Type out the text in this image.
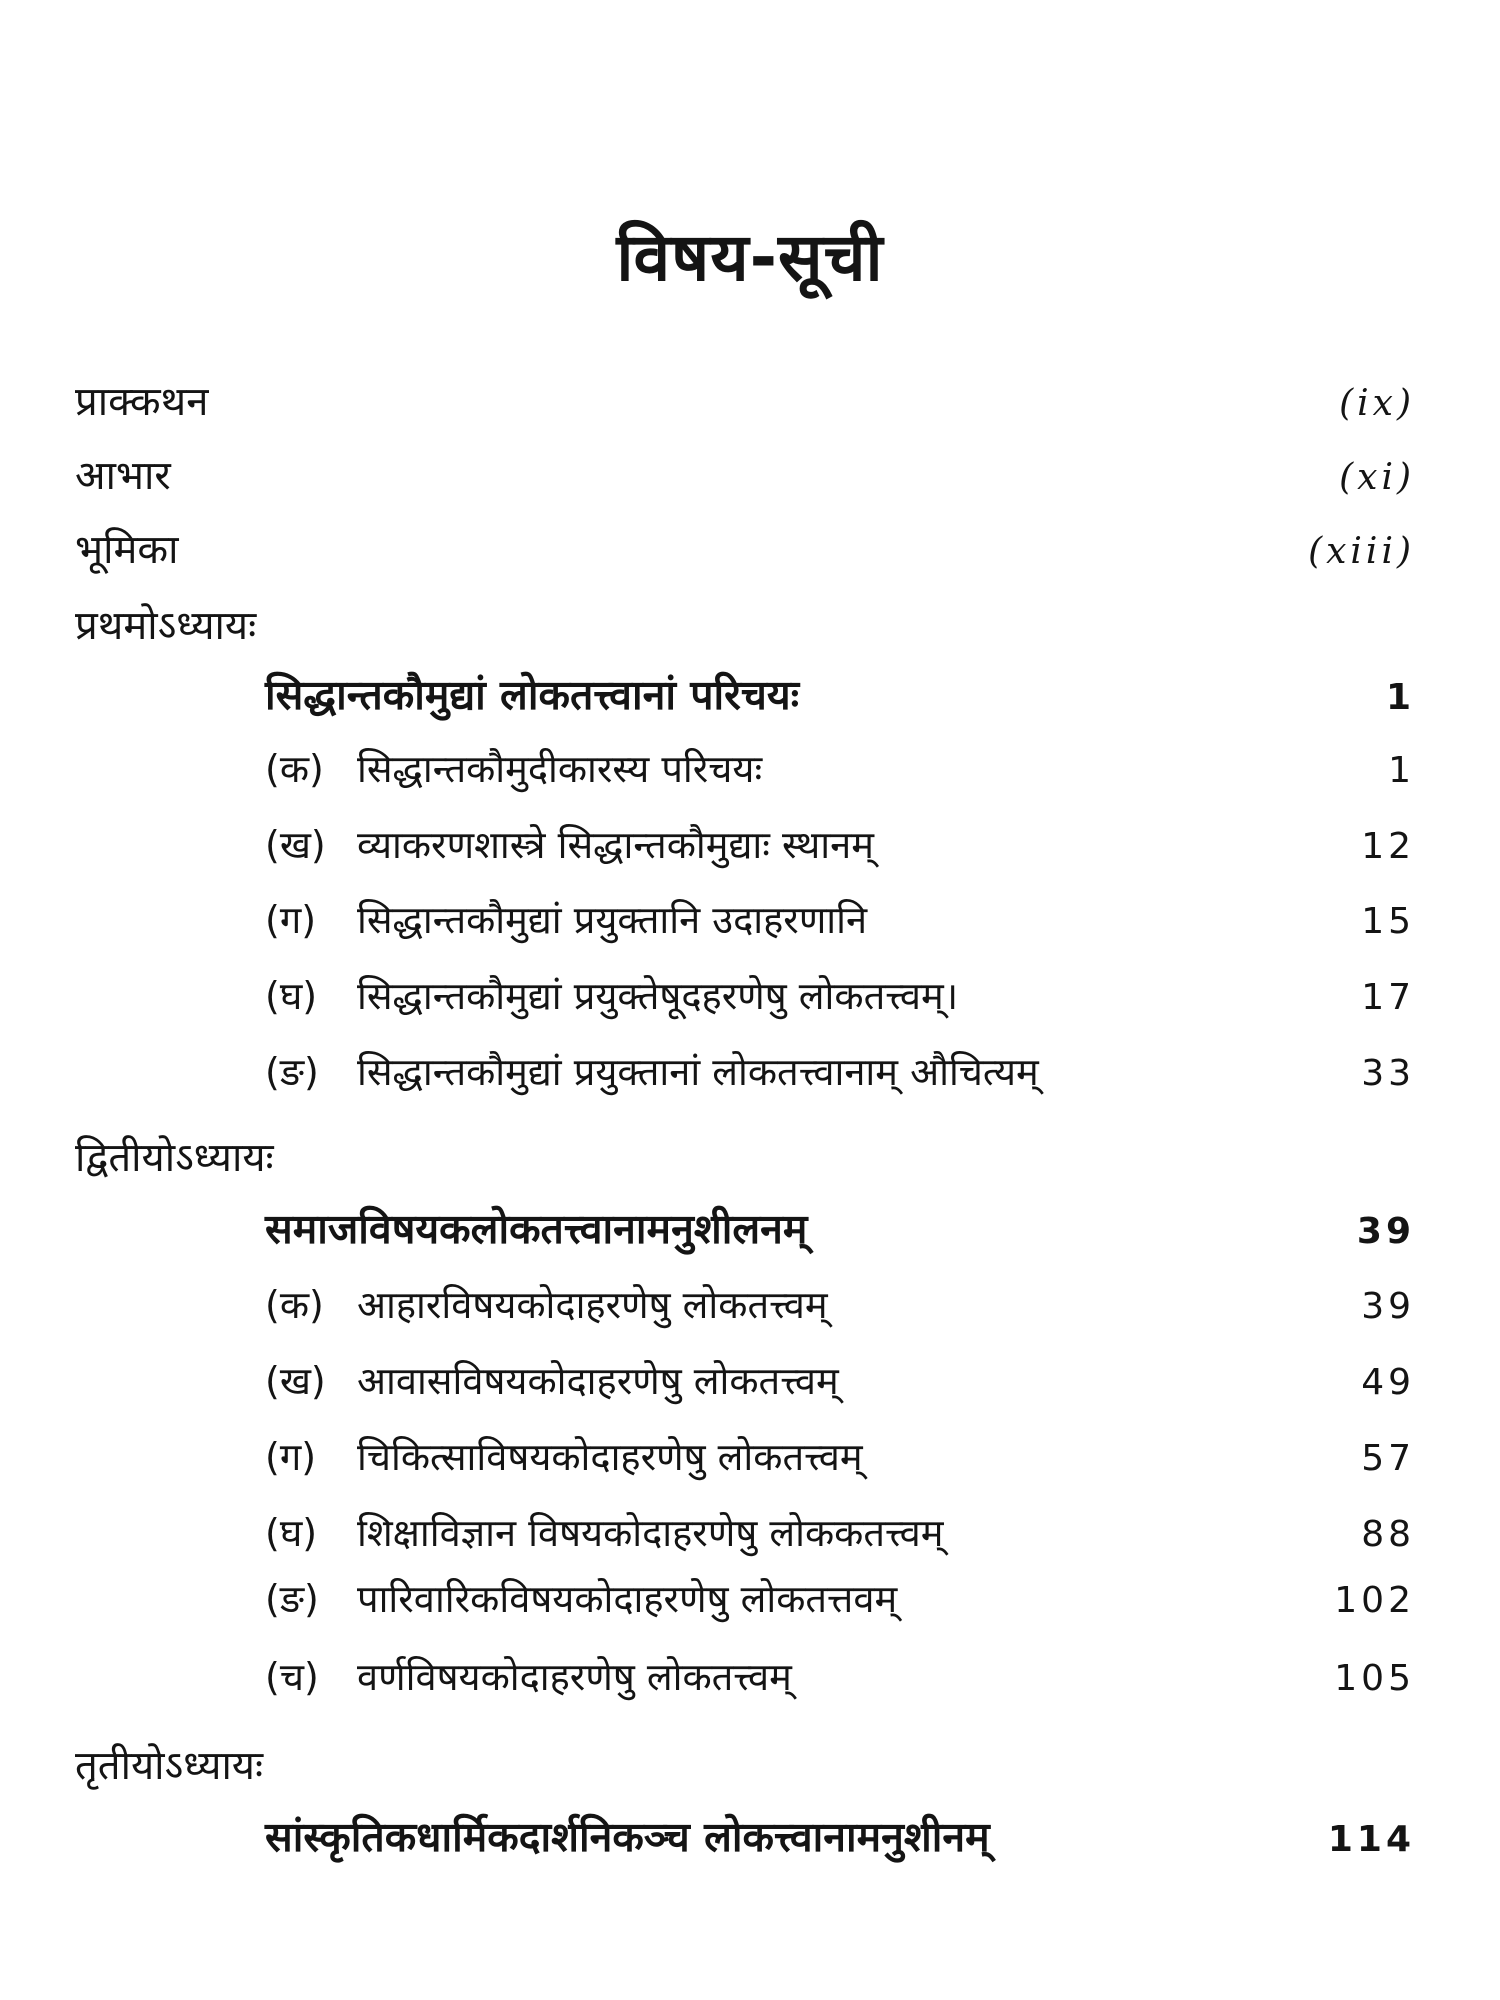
विषय-सूची
प्राक्कथन	(ix)
आभार	(xi)
भूमिका	(xiii)
प्रथमोऽध्यायः
सिद्धान्तकौमुद्यां लोकतत्त्वानां परिचयः	1
(क) सिद्धान्तकौमुदीकारस्य परिचयः	1
(ख) व्याकरणशास्त्रे सिद्धान्तकौमुद्याः स्थानम्	12
(ग) सिद्धान्तकौमुद्यां प्रयुक्तानि उदाहरणानि	15
(घ) सिद्धान्तकौमुद्यां प्रयुक्तेषूदहरणेषु लोकतत्त्वम्।	17
(ङ) सिद्धान्तकौमुद्यां प्रयुक्तानां लोकतत्त्वानाम् औचित्यम्	33
द्वितीयोऽध्यायः
समाजविषयकलोकतत्त्वानामनुशीलनम्	39
(क) आहारविषयकोदाहरणेषु लोकतत्त्वम्	39
(ख) आवासविषयकोदाहरणेषु लोकतत्त्वम्	49
(ग) चिकित्साविषयकोदाहरणेषु लोकतत्त्वम्	57
(घ) शिक्षाविज्ञान विषयकोदाहरणेषु लोककतत्त्वम्	88
(ङ) पारिवारिकविषयकोदाहरणेषु लोकतत्तवम्	102
(च) वर्णविषयकोदाहरणेषु लोकतत्त्वम्	105
तृतीयोऽध्यायः
सांस्कृतिकधार्मिकदार्शनिकञ्च लोकत्त्वानामनुशीनम्	114
